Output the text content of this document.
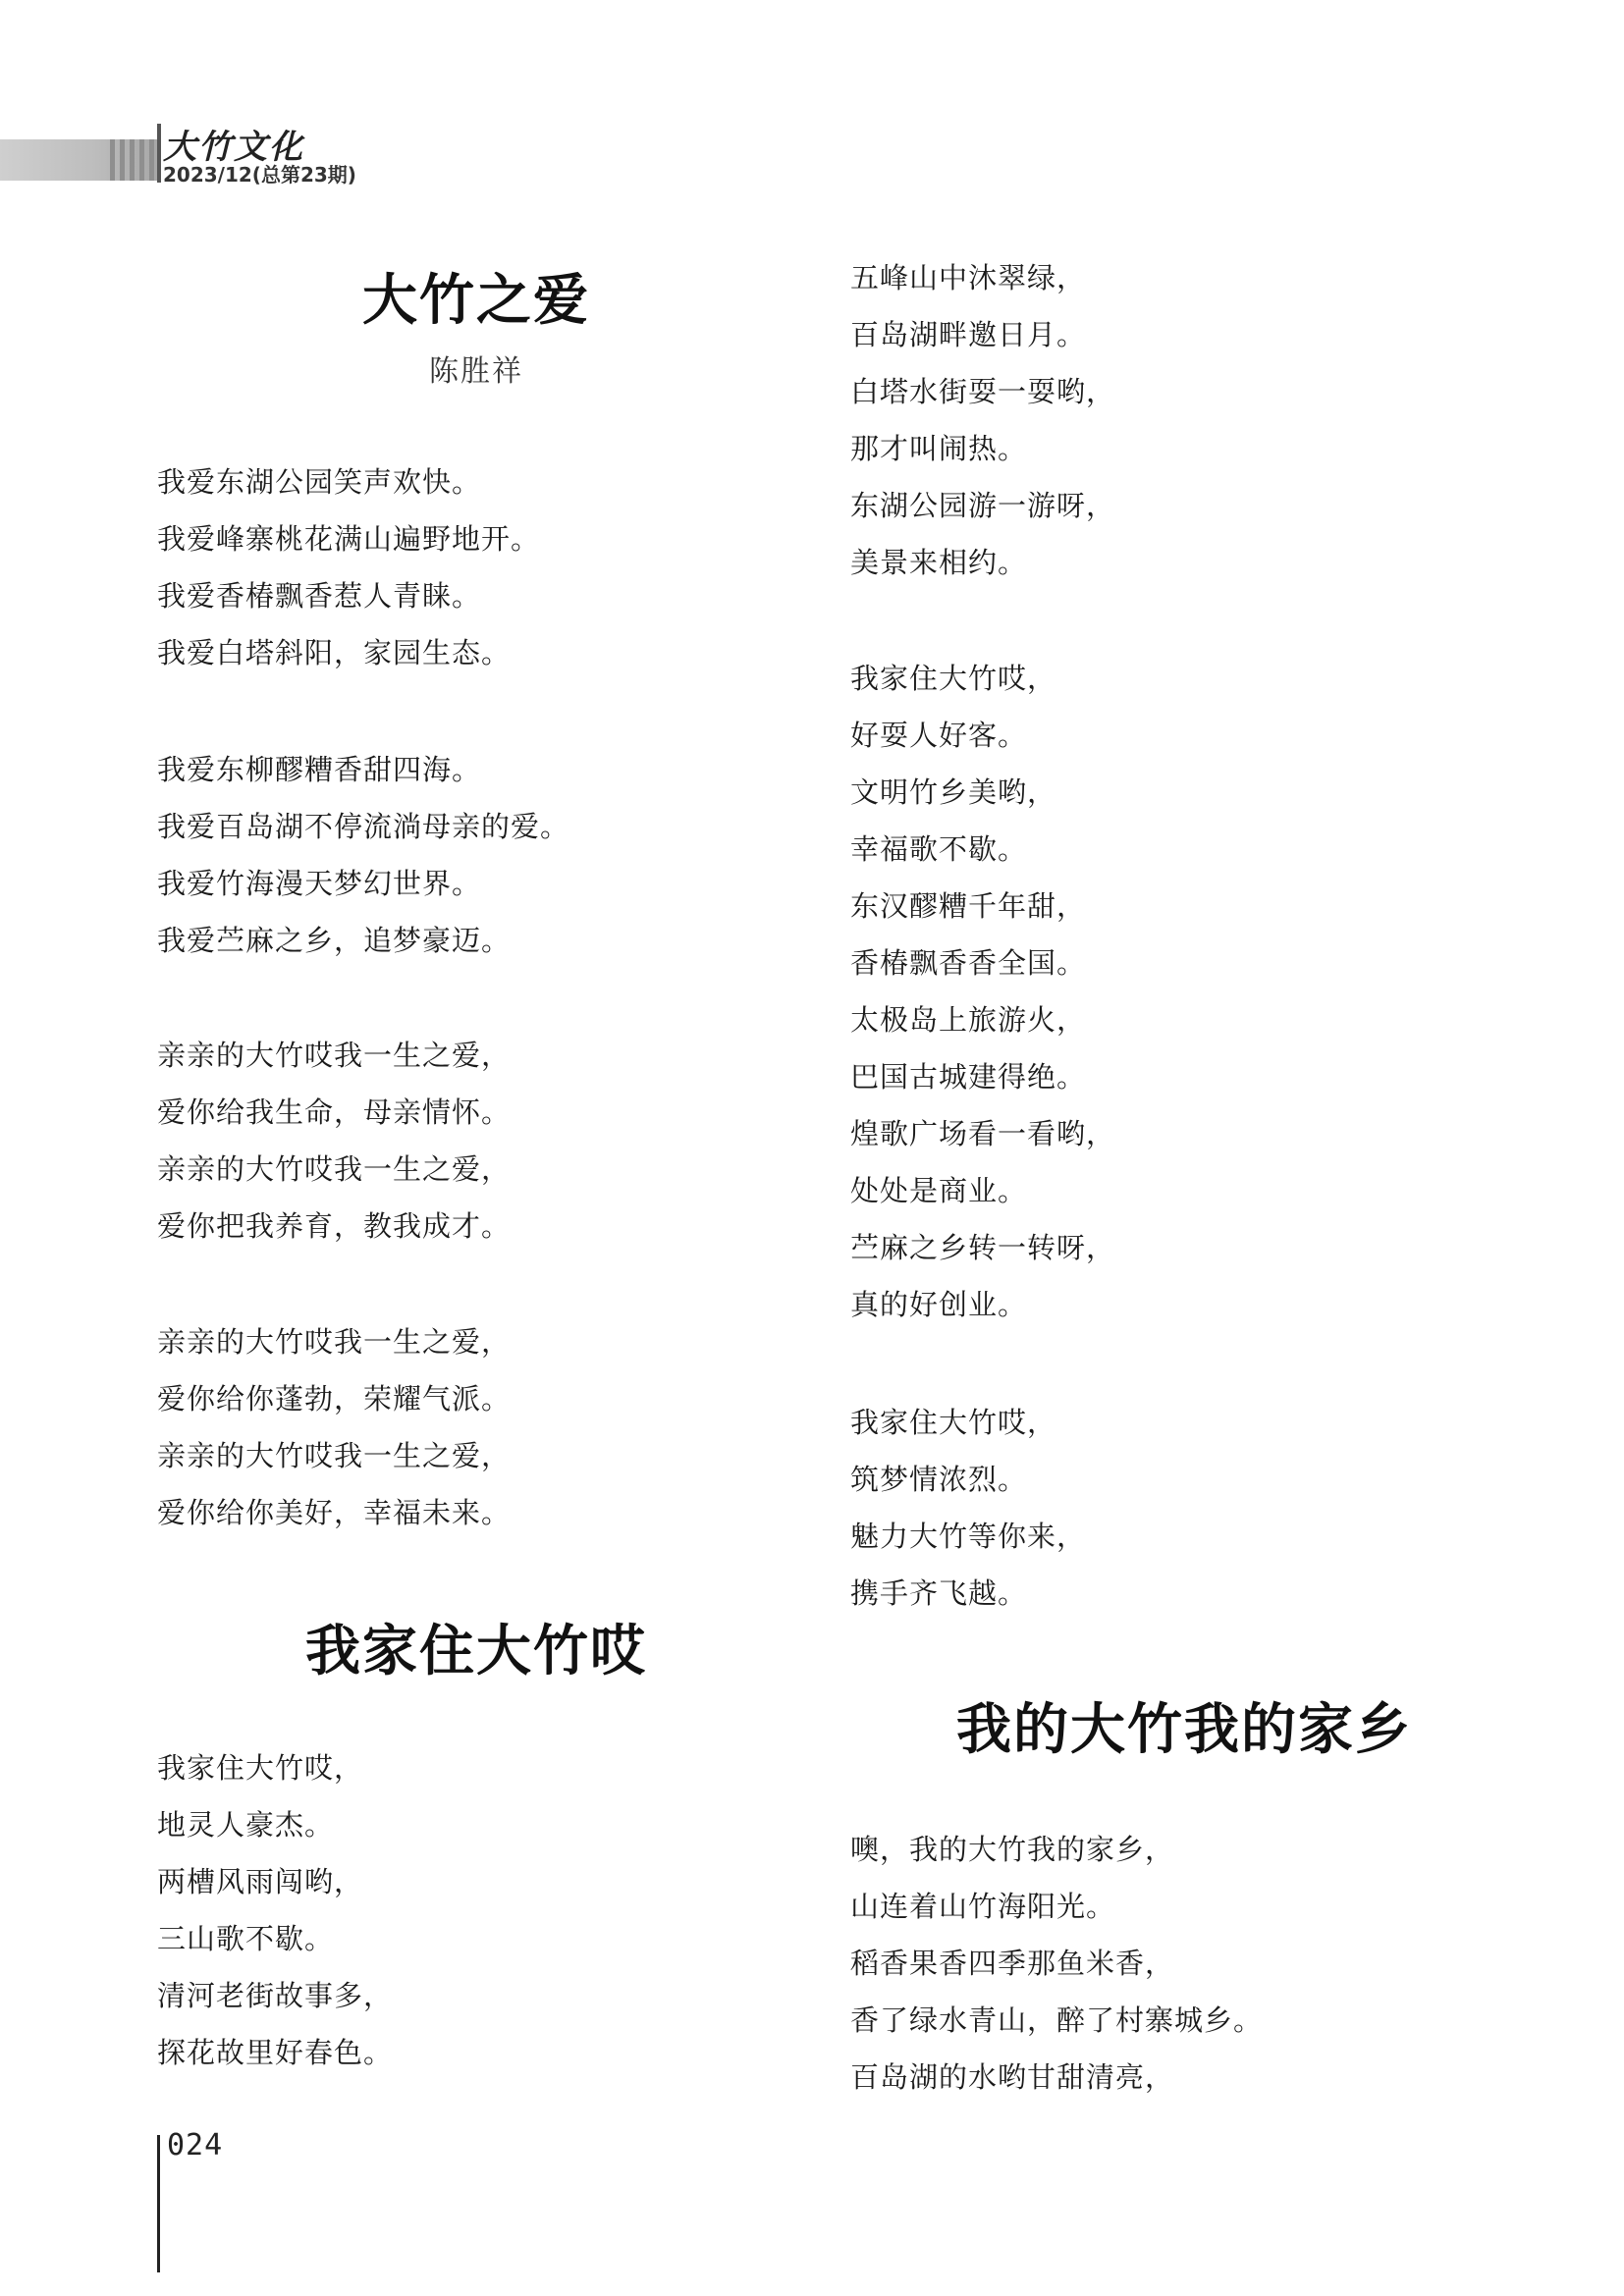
大竹文化
2023/12(总第23期)
大竹之爱
陈胜祥
我爱东湖公园笑声欢快。
我爱峰寨桃花满山遍野地开。
我爱香椿飘香惹人青睐。
我爱白塔斜阳，家园生态。
我爱东柳醪糟香甜四海。
我爱百岛湖不停流淌母亲的爱。
我爱竹海漫天梦幻世界。
我爱苎麻之乡，追梦豪迈。
亲亲的大竹哎我一生之爱，
爱你给我生命，母亲情怀。
亲亲的大竹哎我一生之爱，
爱你把我养育，教我成才。
亲亲的大竹哎我一生之爱，
爱你给你蓬勃，荣耀气派。
亲亲的大竹哎我一生之爱，
爱你给你美好，幸福未来。
我家住大竹哎
我家住大竹哎，
地灵人豪杰。
两槽风雨闯哟，
三山歌不歇。
清河老街故事多，
探花故里好春色。
五峰山中沐翠绿，
百岛湖畔邀日月。
白塔水街耍一耍哟，
那才叫闹热。
东湖公园游一游呀，
美景来相约。
我家住大竹哎，
好耍人好客。
文明竹乡美哟，
幸福歌不歇。
东汉醪糟千年甜，
香椿飘香香全国。
太极岛上旅游火，
巴国古城建得绝。
煌歌广场看一看哟，
处处是商业。
苎麻之乡转一转呀，
真的好创业。
我家住大竹哎，
筑梦情浓烈。
魅力大竹等你来，
携手齐飞越。
我的大竹我的家乡
噢，我的大竹我的家乡，
山连着山竹海阳光。
稻香果香四季那鱼米香，
香了绿水青山，醉了村寨城乡。
百岛湖的水哟甘甜清亮，
024
